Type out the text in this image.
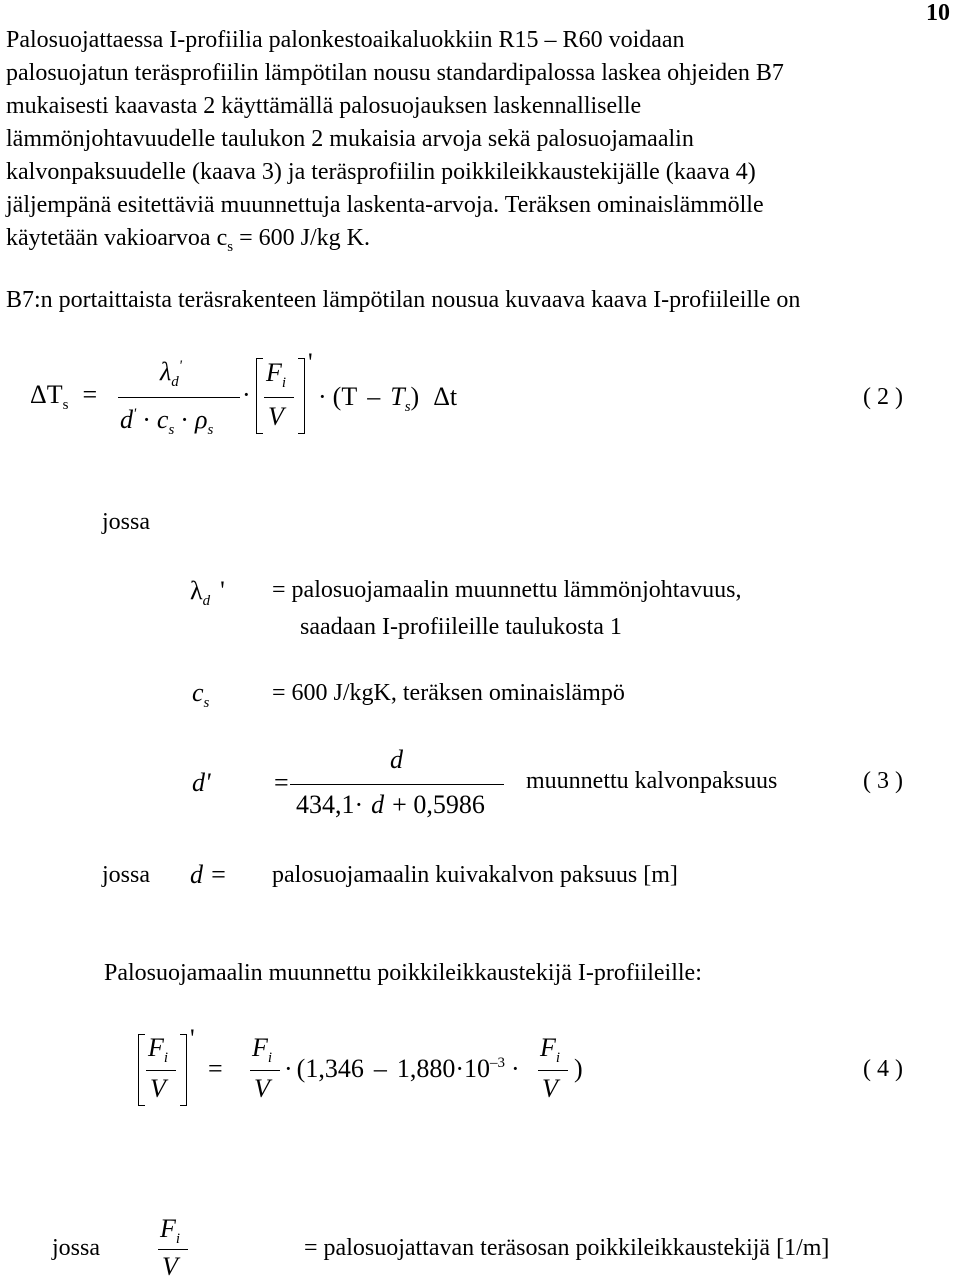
10
Palosuojattaessa I-profiilia palonkestoaikaluokkiin R15 – R60 voidaan
palosuojatun teräsprofiilin lämpötilan nousu standardipalossa laskea ohjeiden B7
mukaisesti kaavasta 2 käyttämällä palosuojauksen laskennalliselle
lämmönjohtavuudelle taulukon 2 mukaisia arvoja sekä palosuojamaalin
kalvonpaksuudelle (kaava 3) ja teräsprofiilin poikkileikkaustekijälle (kaava 4)
jäljempänä esitettäviä muunnettuja laskenta-arvoja. Teräksen ominaislämmölle
käytetään vakioarvoa $c_s = 600$ J/kg K.
B7:n portaittaista teräsrakenteen lämpötilan nousua kuvaava kaava I-profiileille on
$\Delta T_s$ =
$\lambda_d'$
$d' \cdot c_s \cdot \rho_s$
·
$F_i$
V
'
· $(T - T_s)$ Δt	( 2 )
jossa
$\lambda_d$ ' = palosuojamaalin muunnettu lämmönjohtavuus,
saadaan I-profiileille taulukosta 1
$c_s$	= 600 J/kgK, teräksen ominaislämpö
d' =
d
434,1· d + 0,5986
muunnettu kalvonpaksuus	( 3 )
jossa d = palosuojamaalin kuivakalvon paksuus [m]
Palosuojamaalin muunnettu poikkileikkaustekijä I-profiileille:
$F_i$
V
'
=
$F_i$
V
· ($1,346 - 1,880\cdot 10^{-3}$ ·
$F_i$
V
)	( 4 )
jossa
$F_i$
V
= palosuojattavan teräsosan poikkileikkaustekijä [1/m]
